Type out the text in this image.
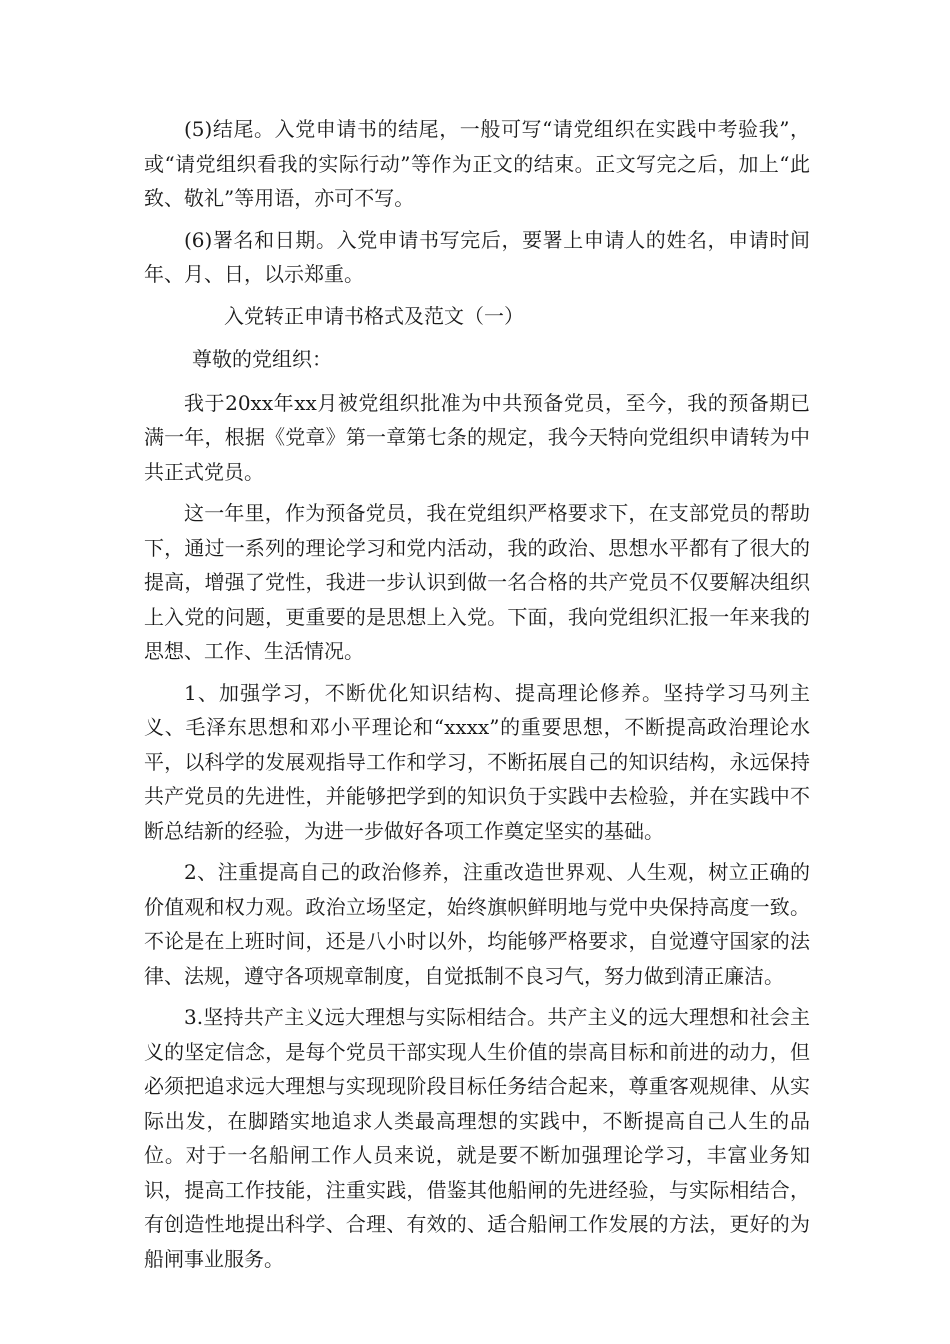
(5)结尾。入党申请书的结尾，一般可写“请党组织在实践中考验我”，或“请党组织看我的实际行动”等作为正文的结束。正文写完之后，加上“此致、敬礼”等用语，亦可不写。

(6)署名和日期。入党申请书写完后，要署上申请人的姓名，申请时间年、月、日，以示郑重。

入党转正申请书格式及范文（一）

尊敬的党组织：

我于20xx年xx月被党组织批准为中共预备党员，至今，我的预备期已满一年，根据《党章》第一章第七条的规定，我今天特向党组织申请转为中共正式党员。

这一年里，作为预备党员，我在党组织严格要求下，在支部党员的帮助下，通过一系列的理论学习和党内活动，我的政治、思想水平都有了很大的提高，增强了党性，我进一步认识到做一名合格的共产党员不仅要解决组织上入党的问题，更重要的是思想上入党。下面，我向党组织汇报一年来我的思想、工作、生活情况。

1、加强学习，不断优化知识结构、提高理论修养。坚持学习马列主义、毛泽东思想和邓小平理论和“xxxx”的重要思想，不断提高政治理论水平，以科学的发展观指导工作和学习，不断拓展自己的知识结构，永远保持共产党员的先进性，并能够把学到的知识负于实践中去检验，并在实践中不断总结新的经验，为进一步做好各项工作奠定坚实的基础。

2、注重提高自己的政治修养，注重改造世界观、人生观，树立正确的价值观和权力观。政治立场坚定，始终旗帜鲜明地与党中央保持高度一致。不论是在上班时间，还是八小时以外，均能够严格要求，自觉遵守国家的法律、法规，遵守各项规章制度，自觉抵制不良习气，努力做到清正廉洁。

3.坚持共产主义远大理想与实际相结合。共产主义的远大理想和社会主义的坚定信念，是每个党员干部实现人生价值的崇高目标和前进的动力，但必须把追求远大理想与实现现阶段目标任务结合起来，尊重客观规律、从实际出发，在脚踏实地追求人类最高理想的实践中，不断提高自己人生的品位。对于一名船闸工作人员来说，就是要不断加强理论学习，丰富业务知识，提高工作技能，注重实践，借鉴其他船闸的先进经验，与实际相结合，有创造性地提出科学、合理、有效的、适合船闸工作发展的方法，更好的为船闸事业服务。
